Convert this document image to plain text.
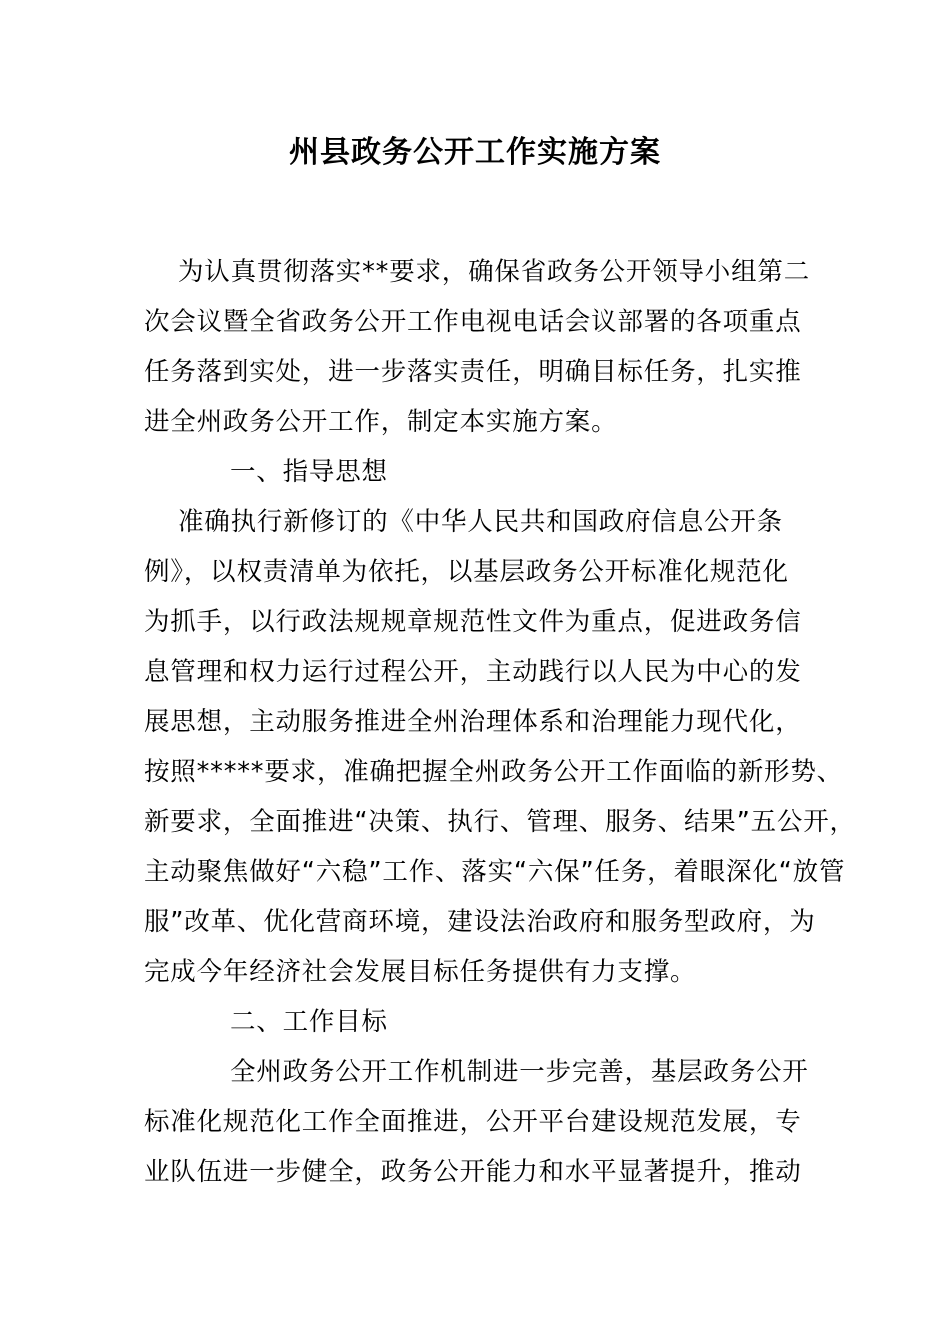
州县政务公开工作实施方案
为认真贯彻落实**要求，确保省政务公开领导小组第二
次会议暨全省政务公开工作电视电话会议部署的各项重点
任务落到实处，进一步落实责任，明确目标任务，扎实推
进全州政务公开工作，制定本实施方案。
一、指导思想
准确执行新修订的《中华人民共和国政府信息公开条
例》，以权责清单为依托，以基层政务公开标准化规范化
为抓手，以行政法规规章规范性文件为重点，促进政务信
息管理和权力运行过程公开，主动践行以人民为中心的发
展思想，主动服务推进全州治理体系和治理能力现代化，
按照*****要求，准确把握全州政务公开工作面临的新形势、
新要求，全面推进“决策、执行、管理、服务、结果”五公开，
主动聚焦做好“六稳”工作、落实“六保”任务，着眼深化“放管
服”改革、优化营商环境，建设法治政府和服务型政府，为
完成今年经济社会发展目标任务提供有力支撑。
二、工作目标
全州政务公开工作机制进一步完善，基层政务公开
标准化规范化工作全面推进，公开平台建设规范发展，专
业队伍进一步健全，政务公开能力和水平显著提升，推动
